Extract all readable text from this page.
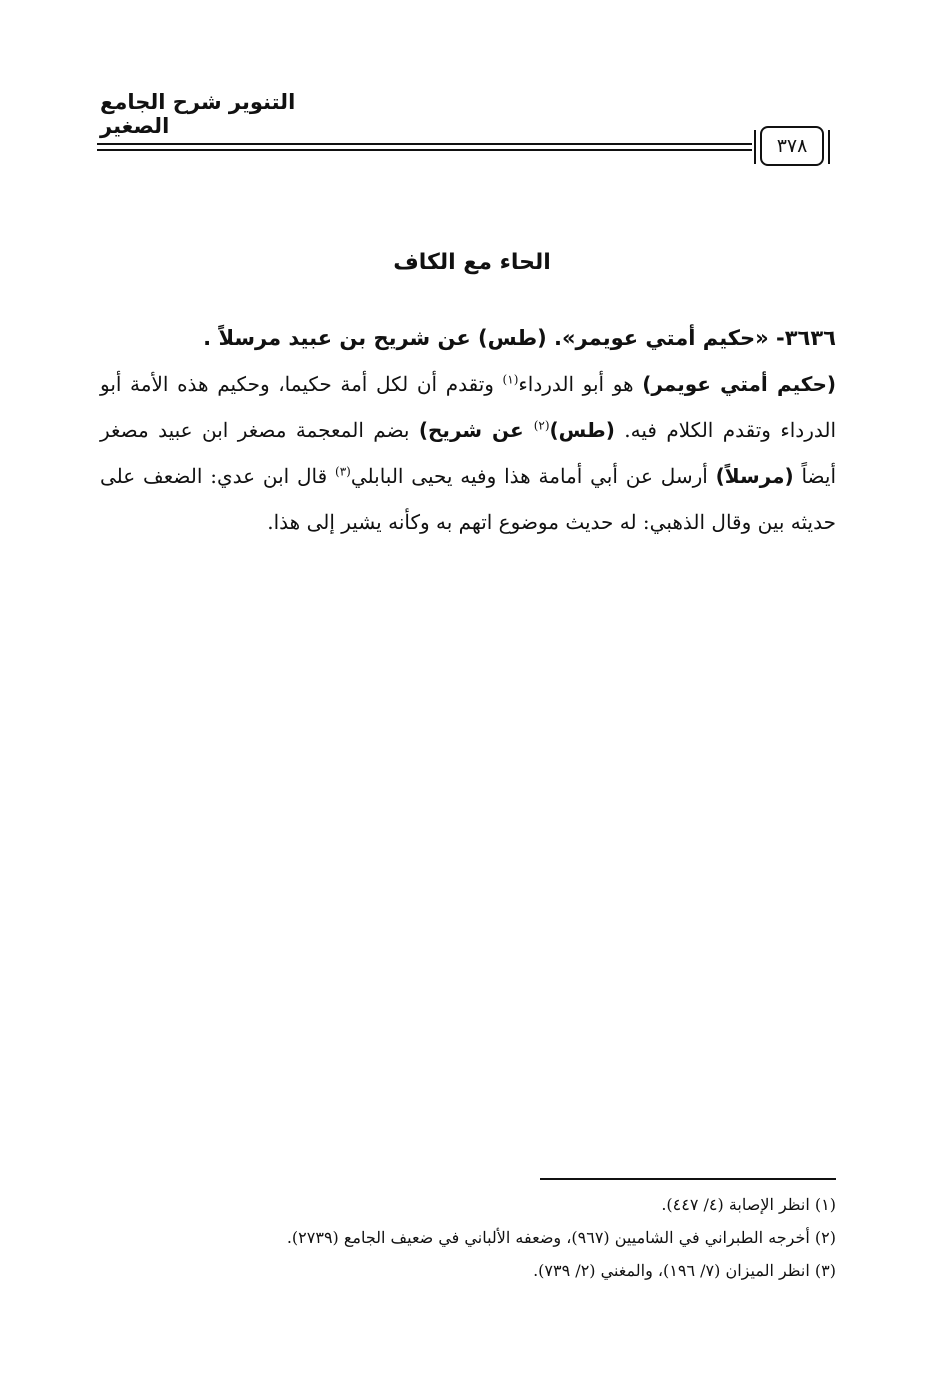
التنوير شرح الجامع الصغير
٣٧٨
الحاء مع الكاف

٣٦٣٦- «حكيم أمتي عويمر». (طس) عن شريح بن عبيد مرسلاً .

(حكيم أمتي عويمر) هو أبو الدرداء$^{(١)}$ وتقدم أن لكل أمة حكيما، وحكيم هذه الأمة أبو الدرداء وتقدم الكلام فيه. (طس)$^{(٢)}$ عن شريح) بضم المعجمة مصغر ابن عبيد مصغر أيضاً (مرسلاً) أرسل عن أبي أمامة هذا وفيه يحيى البابلي$^{(٣)}$ قال ابن عدي: الضعف على حديثه بين وقال الذهبي: له حديث موضوع اتهم به وكأنه يشير إلى هذا.

(١) انظر الإصابة (٤/ ٤٤٧).
(٢) أخرجه الطبراني في الشاميين (٩٦٧)، وضعفه الألباني في ضعيف الجامع (٢٧٣٩).
(٣) انظر الميزان (٧/ ١٩٦)، والمغني (٢/ ٧٣٩).
